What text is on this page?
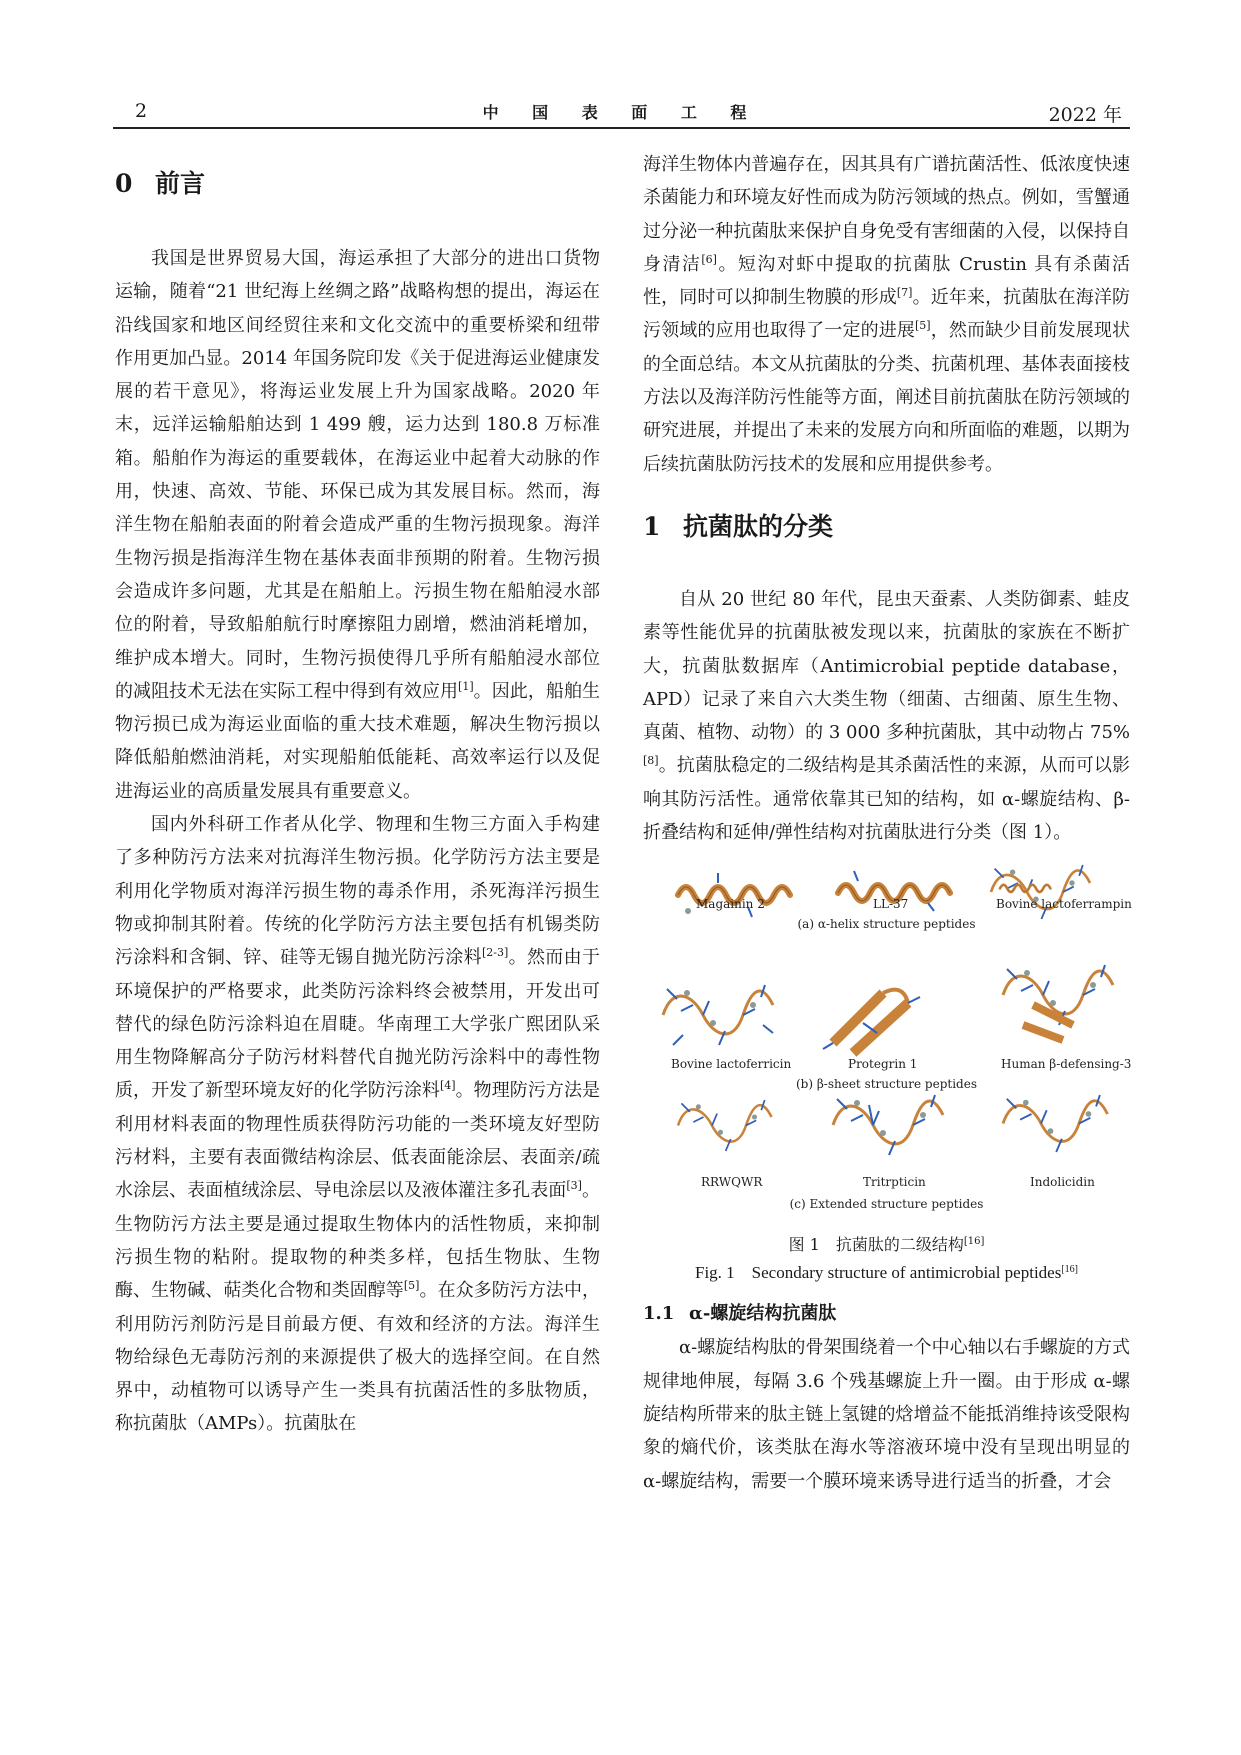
2	中 国 表 面 工 程	2022 年
0 前言

我国是世界贸易大国，海运承担了大部分的进出口货物运输，随着“21 世纪海上丝绸之路”战略构想的提出，海运在沿线国家和地区间经贸往来和文化交流中的重要桥梁和纽带作用更加凸显。2014 年国务院印发《关于促进海运业健康发展的若干意见》，将海运业发展上升为国家战略。2020 年末，远洋运输船舶达到 1 499 艘，运力达到 180.8 万标准箱。船舶作为海运的重要载体，在海运业中起着大动脉的作用，快速、高效、节能、环保已成为其发展目标。然而，海洋生物在船舶表面的附着会造成严重的生物污损现象。海洋生物污损是指海洋生物在基体表面非预期的附着。生物污损会造成许多问题，尤其是在船舶上。污损生物在船舶浸水部位的附着，导致船舶航行时摩擦阻力剧增，燃油消耗增加，维护成本增大。同时，生物污损使得几乎所有船舶浸水部位的减阻技术无法在实际工程中得到有效应用[1]。因此，船舶生物污损已成为海运业面临的重大技术难题，解决生物污损以降低船舶燃油消耗，对实现船舶低能耗、高效率运行以及促进海运业的高质量发展具有重要意义。

国内外科研工作者从化学、物理和生物三方面入手构建了多种防污方法来对抗海洋生物污损。化学防污方法主要是利用化学物质对海洋污损生物的毒杀作用，杀死海洋污损生物或抑制其附着。传统的化学防污方法主要包括有机锡类防污涂料和含铜、锌、硅等无锡自抛光防污涂料[2-3]。然而由于环境保护的严格要求，此类防污涂料终会被禁用，开发出可替代的绿色防污涂料迫在眉睫。华南理工大学张广熙团队采用生物降解高分子防污材料替代自抛光防污涂料中的毒性物质，开发了新型环境友好的化学防污涂料[4]。物理防污方法是利用材料表面的物理性质获得防污功能的一类环境友好型防污材料，主要有表面微结构涂层、低表面能涂层、表面亲/疏水涂层、表面植绒涂层、导电涂层以及液体灌注多孔表面[3]。生物防污方法主要是通过提取生物体内的活性物质，来抑制污损生物的粘附。提取物的种类多样，包括生物肽、生物酶、生物碱、萜类化合物和类固醇等[5]。在众多防污方法中，利用防污剂防污是目前最方便、有效和经济的方法。海洋生物给绿色无毒防污剂的来源提供了极大的选择空间。在自然界中，动植物可以诱导产生一类具有抗菌活性的多肽物质，称抗菌肽（AMPs）。抗菌肽在

海洋生物体内普遍存在，因其具有广谱抗菌活性、低浓度快速杀菌能力和环境友好性而成为防污领域的热点。例如，雪蟹通过分泌一种抗菌肽来保护自身免受有害细菌的入侵，以保持自身清洁[6]。短沟对虾中提取的抗菌肽 Crustin 具有杀菌活性，同时可以抑制生物膜的形成[7]。近年来，抗菌肽在海洋防污领域的应用也取得了一定的进展[5]，然而缺少目前发展现状的全面总结。本文从抗菌肽的分类、抗菌机理、基体表面接枝方法以及海洋防污性能等方面，阐述目前抗菌肽在防污领域的研究进展，并提出了未来的发展方向和所面临的难题，以期为后续抗菌肽防污技术的发展和应用提供参考。

1 抗菌肽的分类

自从 20 世纪 80 年代，昆虫天蚕素、人类防御素、蛙皮素等性能优异的抗菌肽被发现以来，抗菌肽的家族在不断扩大，抗菌肽数据库（Antimicrobial peptide database，APD）记录了来自六大类生物（细菌、古细菌、原生生物、真菌、植物、动物）的 3 000 多种抗菌肽，其中动物占 75%[8]。抗菌肽稳定的二级结构是其杀菌活性的来源，从而可以影响其防污活性。通常依靠其已知的结构，如 α-螺旋结构、β-折叠结构和延伸/弹性结构对抗菌肽进行分类（图 1）。

Magainin 2	LL-37	Bovine lactoferrampin
(a) α-helix structure peptides
Bovine lactoferricin	Protegrin 1	Human β-defensing-3
(b) β-sheet structure peptides
RRWQWR	Tritrpticin	Indolicidin
(c) Extended structure peptides

图 1　抗菌肽的二级结构[16]

Fig. 1　Secondary structure of antimicrobial peptides[16]

1.1 α-螺旋结构抗菌肽

α-螺旋结构肽的骨架围绕着一个中心轴以右手螺旋的方式规律地伸展，每隔 3.6 个残基螺旋上升一圈。由于形成 α-螺旋结构所带来的肽主链上氢键的焓增益不能抵消维持该受限构象的熵代价，该类肽在海水等溶液环境中没有呈现出明显的 α-螺旋结构，需要一个膜环境来诱导进行适当的折叠，才会
